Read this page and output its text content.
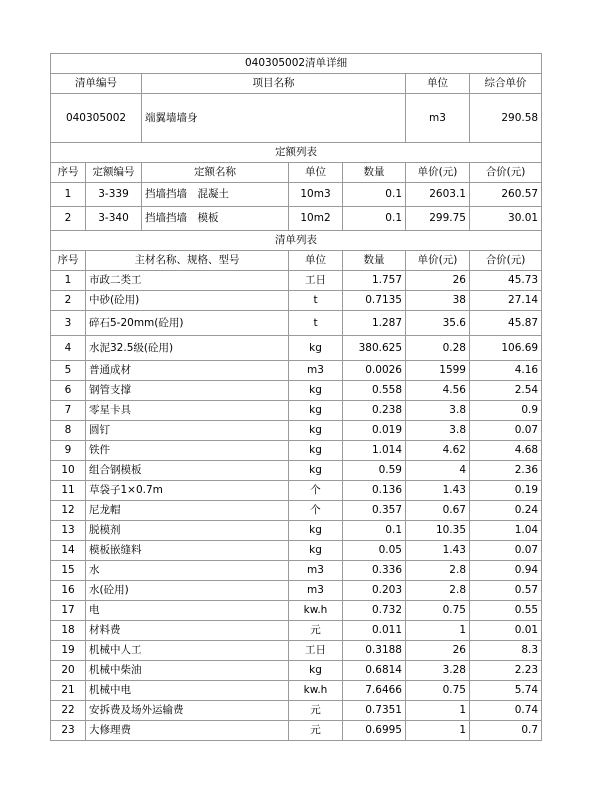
040305002清单详细						
清单编号		项目名称			单位	综合单价
040305002		端翼墙墙身			m3	290.58
定额列表						
序号	定额编号	定额名称	单位	数量	单价(元)	合价(元)
1	3-339	挡墙挡墙　混凝土	10m3	0.1	2603.1	260.57
2	3-340	挡墙挡墙　模板	10m2	0.1	299.75	30.01
清单列表						
序号	主材名称、规格、型号		单位	数量	单价(元)	合价(元)
1	市政二类工		工日	1.757	26	45.73
2	中砂(砼用)		t	0.7135	38	27.14
3	碎石5-20mm(砼用)		t	1.287	35.6	45.87
4	水泥32.5级(砼用)		kg	380.625	0.28	106.69
5	普通成材		m3	0.0026	1599	4.16
6	钢管支撑		kg	0.558	4.56	2.54
7	零星卡具		kg	0.238	3.8	0.9
8	圆钉		kg	0.019	3.8	0.07
9	铁件		kg	1.014	4.62	4.68
10	组合钢模板		kg	0.59	4	2.36
11	草袋子1×0.7m		个	0.136	1.43	0.19
12	尼龙帽		个	0.357	0.67	0.24
13	脱模剂		kg	0.1	10.35	1.04
14	模板嵌缝料		kg	0.05	1.43	0.07
15	水		m3	0.336	2.8	0.94
16	水(砼用)		m3	0.203	2.8	0.57
17	电		kw.h	0.732	0.75	0.55
18	材料费		元	0.011	1	0.01
19	机械中人工		工日	0.3188	26	8.3
20	机械中柴油		kg	0.6814	3.28	2.23
21	机械中电		kw.h	7.6466	0.75	5.74
22	安拆费及场外运输费		元	0.7351	1	0.74
23	大修理费		元	0.6995	1	0.7
